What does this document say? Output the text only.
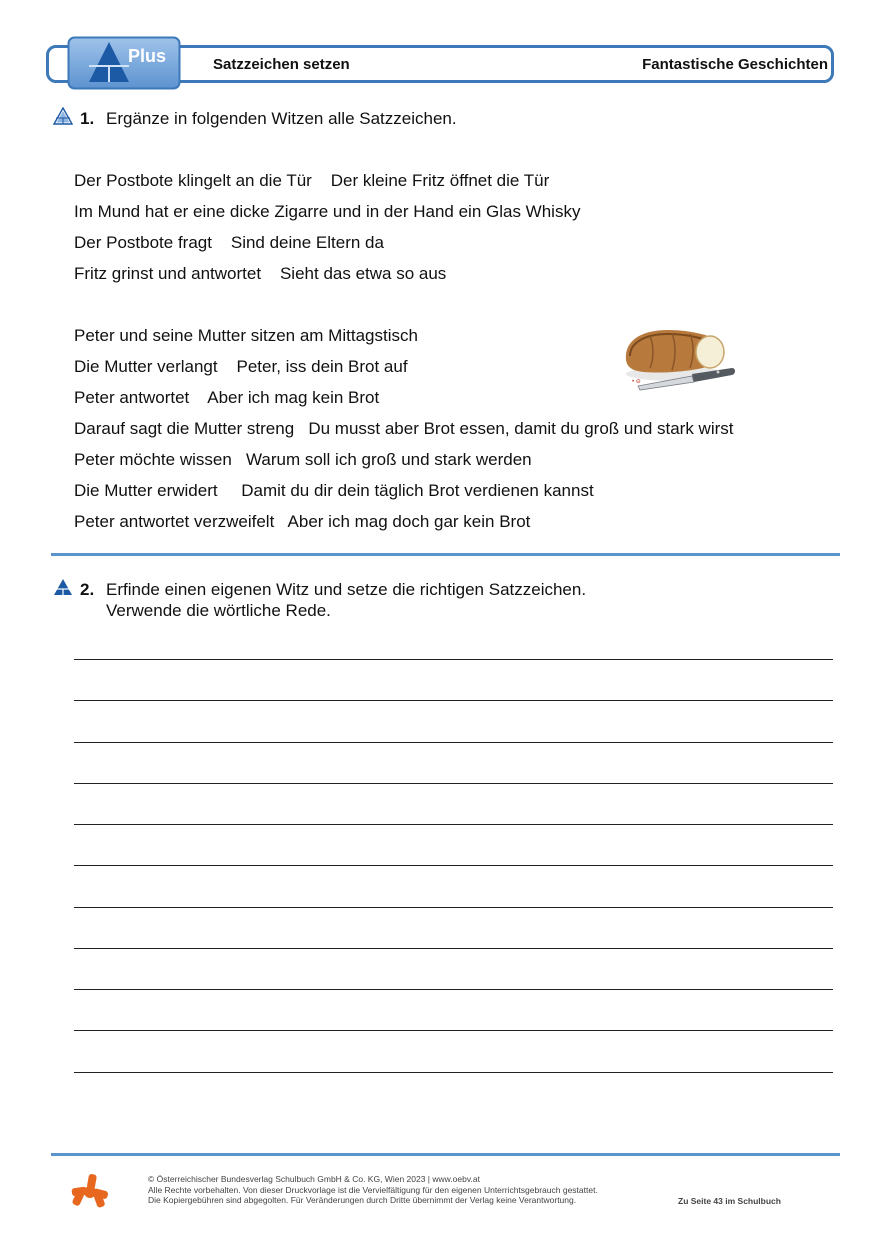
Plus	Satzzeichen setzen	Fantastische Geschichten
1. Ergänze in folgenden Witzen alle Satzzeichen.
Der Postbote klingelt an die Tür    Der kleine Fritz öffnet die Tür
Im Mund hat er eine dicke Zigarre und in der Hand ein Glas Whisky
Der Postbote fragt    Sind deine Eltern da
Fritz grinst und antwortet    Sieht das etwa so aus
Peter und seine Mutter sitzen am Mittagstisch
Die Mutter verlangt    Peter, iss dein Brot auf
Peter antwortet    Aber ich mag kein Brot
Darauf sagt die Mutter streng   Du musst aber Brot essen, damit du groß und stark wirst
Peter möchte wissen   Warum soll ich groß und stark werden
Die Mutter erwidert     Damit du dir dein täglich Brot verdienen kannst
Peter antwortet verzweifelt   Aber ich mag doch gar kein Brot
• ⊖
2. Erfinde einen eigenen Witz und setze die richtigen Satzzeichen.
Verwende die wörtliche Rede.
© Österreichischer Bundesverlag Schulbuch GmbH & Co. KG, Wien 2023 | www.oebv.at
Alle Rechte vorbehalten. Von dieser Druckvorlage ist die Vervielfältigung für den eigenen Unterrichtsgebrauch gestattet.
Die Kopiergebühren sind abgegolten. Für Veränderungen durch Dritte übernimmt der Verlag keine Verantwortung.	Zu Seite 43 im Schulbuch
